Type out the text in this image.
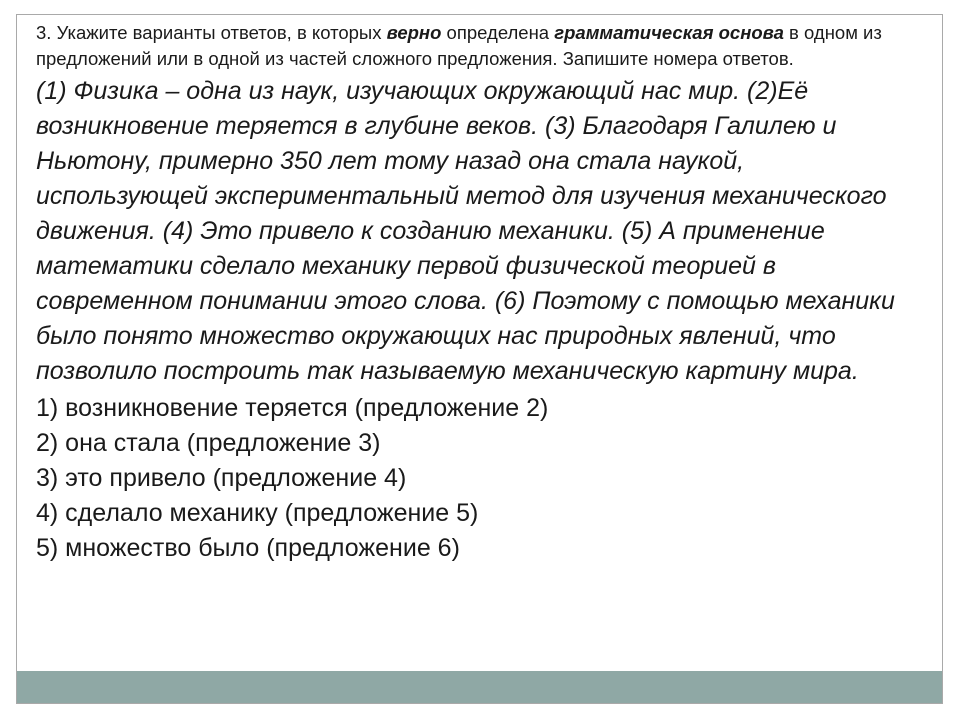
3. Укажите варианты ответов, в которых верно определена грамматическая основа в одном из предложений или в одной из частей сложного предложения. Запишите номера ответов.

(1) Физика – одна из наук, изучающих окружающий нас мир. (2)Её возникновение теряется в глубине веков. (3) Благодаря Галилею и Ньютону, примерно 350 лет тому назад она стала наукой, использующей экспериментальный метод для изучения механического движения. (4) Это привело к созданию механики. (5) А применение математики сделало механику первой физической теорией в современном понимании этого слова. (6) Поэтому с помощью механики было понято множество окружающих нас природных явлений, что позволило построить так называемую механическую картину мира.

1) возникновение теряется (предложение 2)
2) она стала (предложение 3)
3) это привело (предложение 4)
4) сделало механику (предложение 5)
5) множество было (предложение 6)
